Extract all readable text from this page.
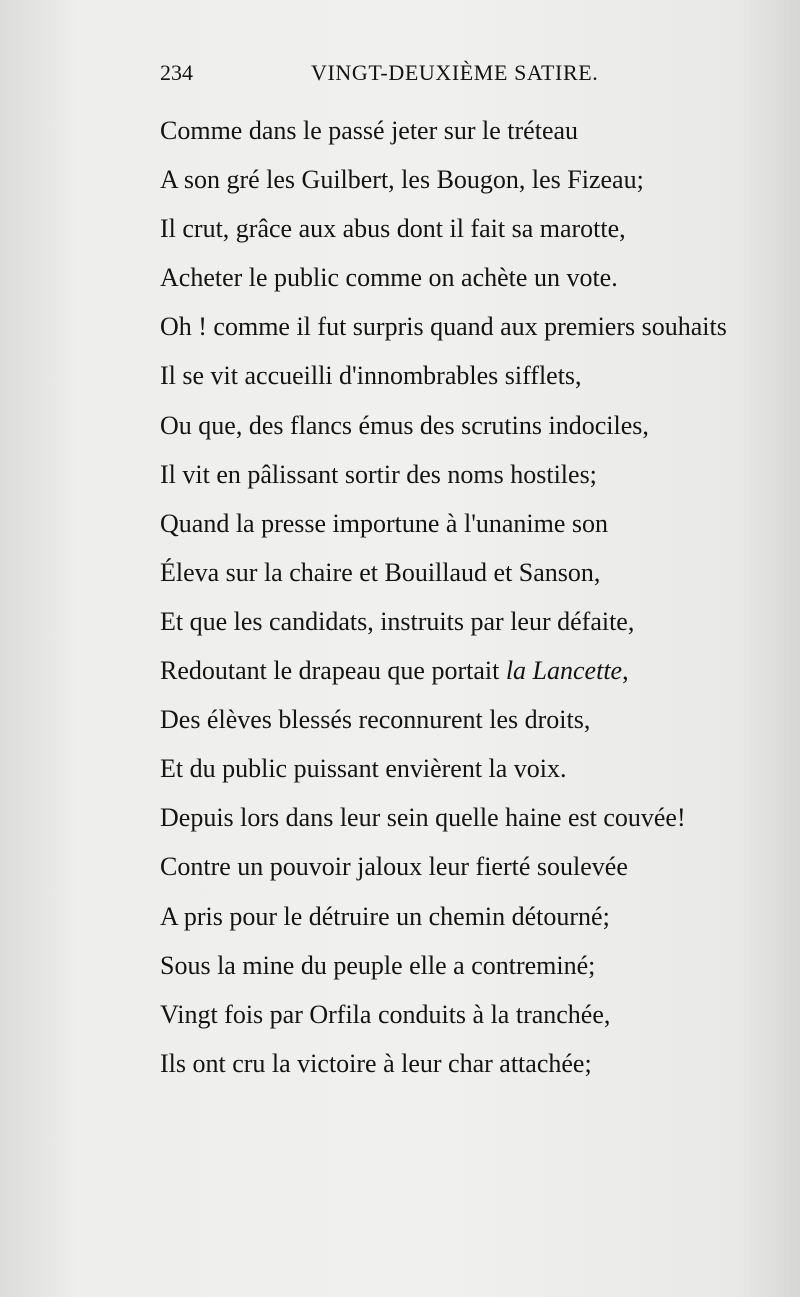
234	VINGT-DEUXIÈME SATIRE.
Comme dans le passé jeter sur le tréteau
A son gré les Guilbert, les Bougon, les Fizeau;
Il crut, grâce aux abus dont il fait sa marotte,
Acheter le public comme on achète un vote.
Oh ! comme il fut surpris quand aux premiers souhaits
Il se vit accueilli d'innombrables sifflets,
Ou que, des flancs émus des scrutins indociles,
Il vit en pâlissant sortir des noms hostiles;
Quand la presse importune à l'unanime son
Éleva sur la chaire et Bouillaud et Sanson,
Et que les candidats, instruits par leur défaite,
Redoutant le drapeau que portait la Lancette,
Des élèves blessés reconnurent les droits,
Et du public puissant envièrent la voix.
Depuis lors dans leur sein quelle haine est couvée!
Contre un pouvoir jaloux leur fierté soulevée
A pris pour le détruire un chemin détourné;
Sous la mine du peuple elle a contreminé;
Vingt fois par Orfila conduits à la tranchée,
Ils ont cru la victoire à leur char attachée;
